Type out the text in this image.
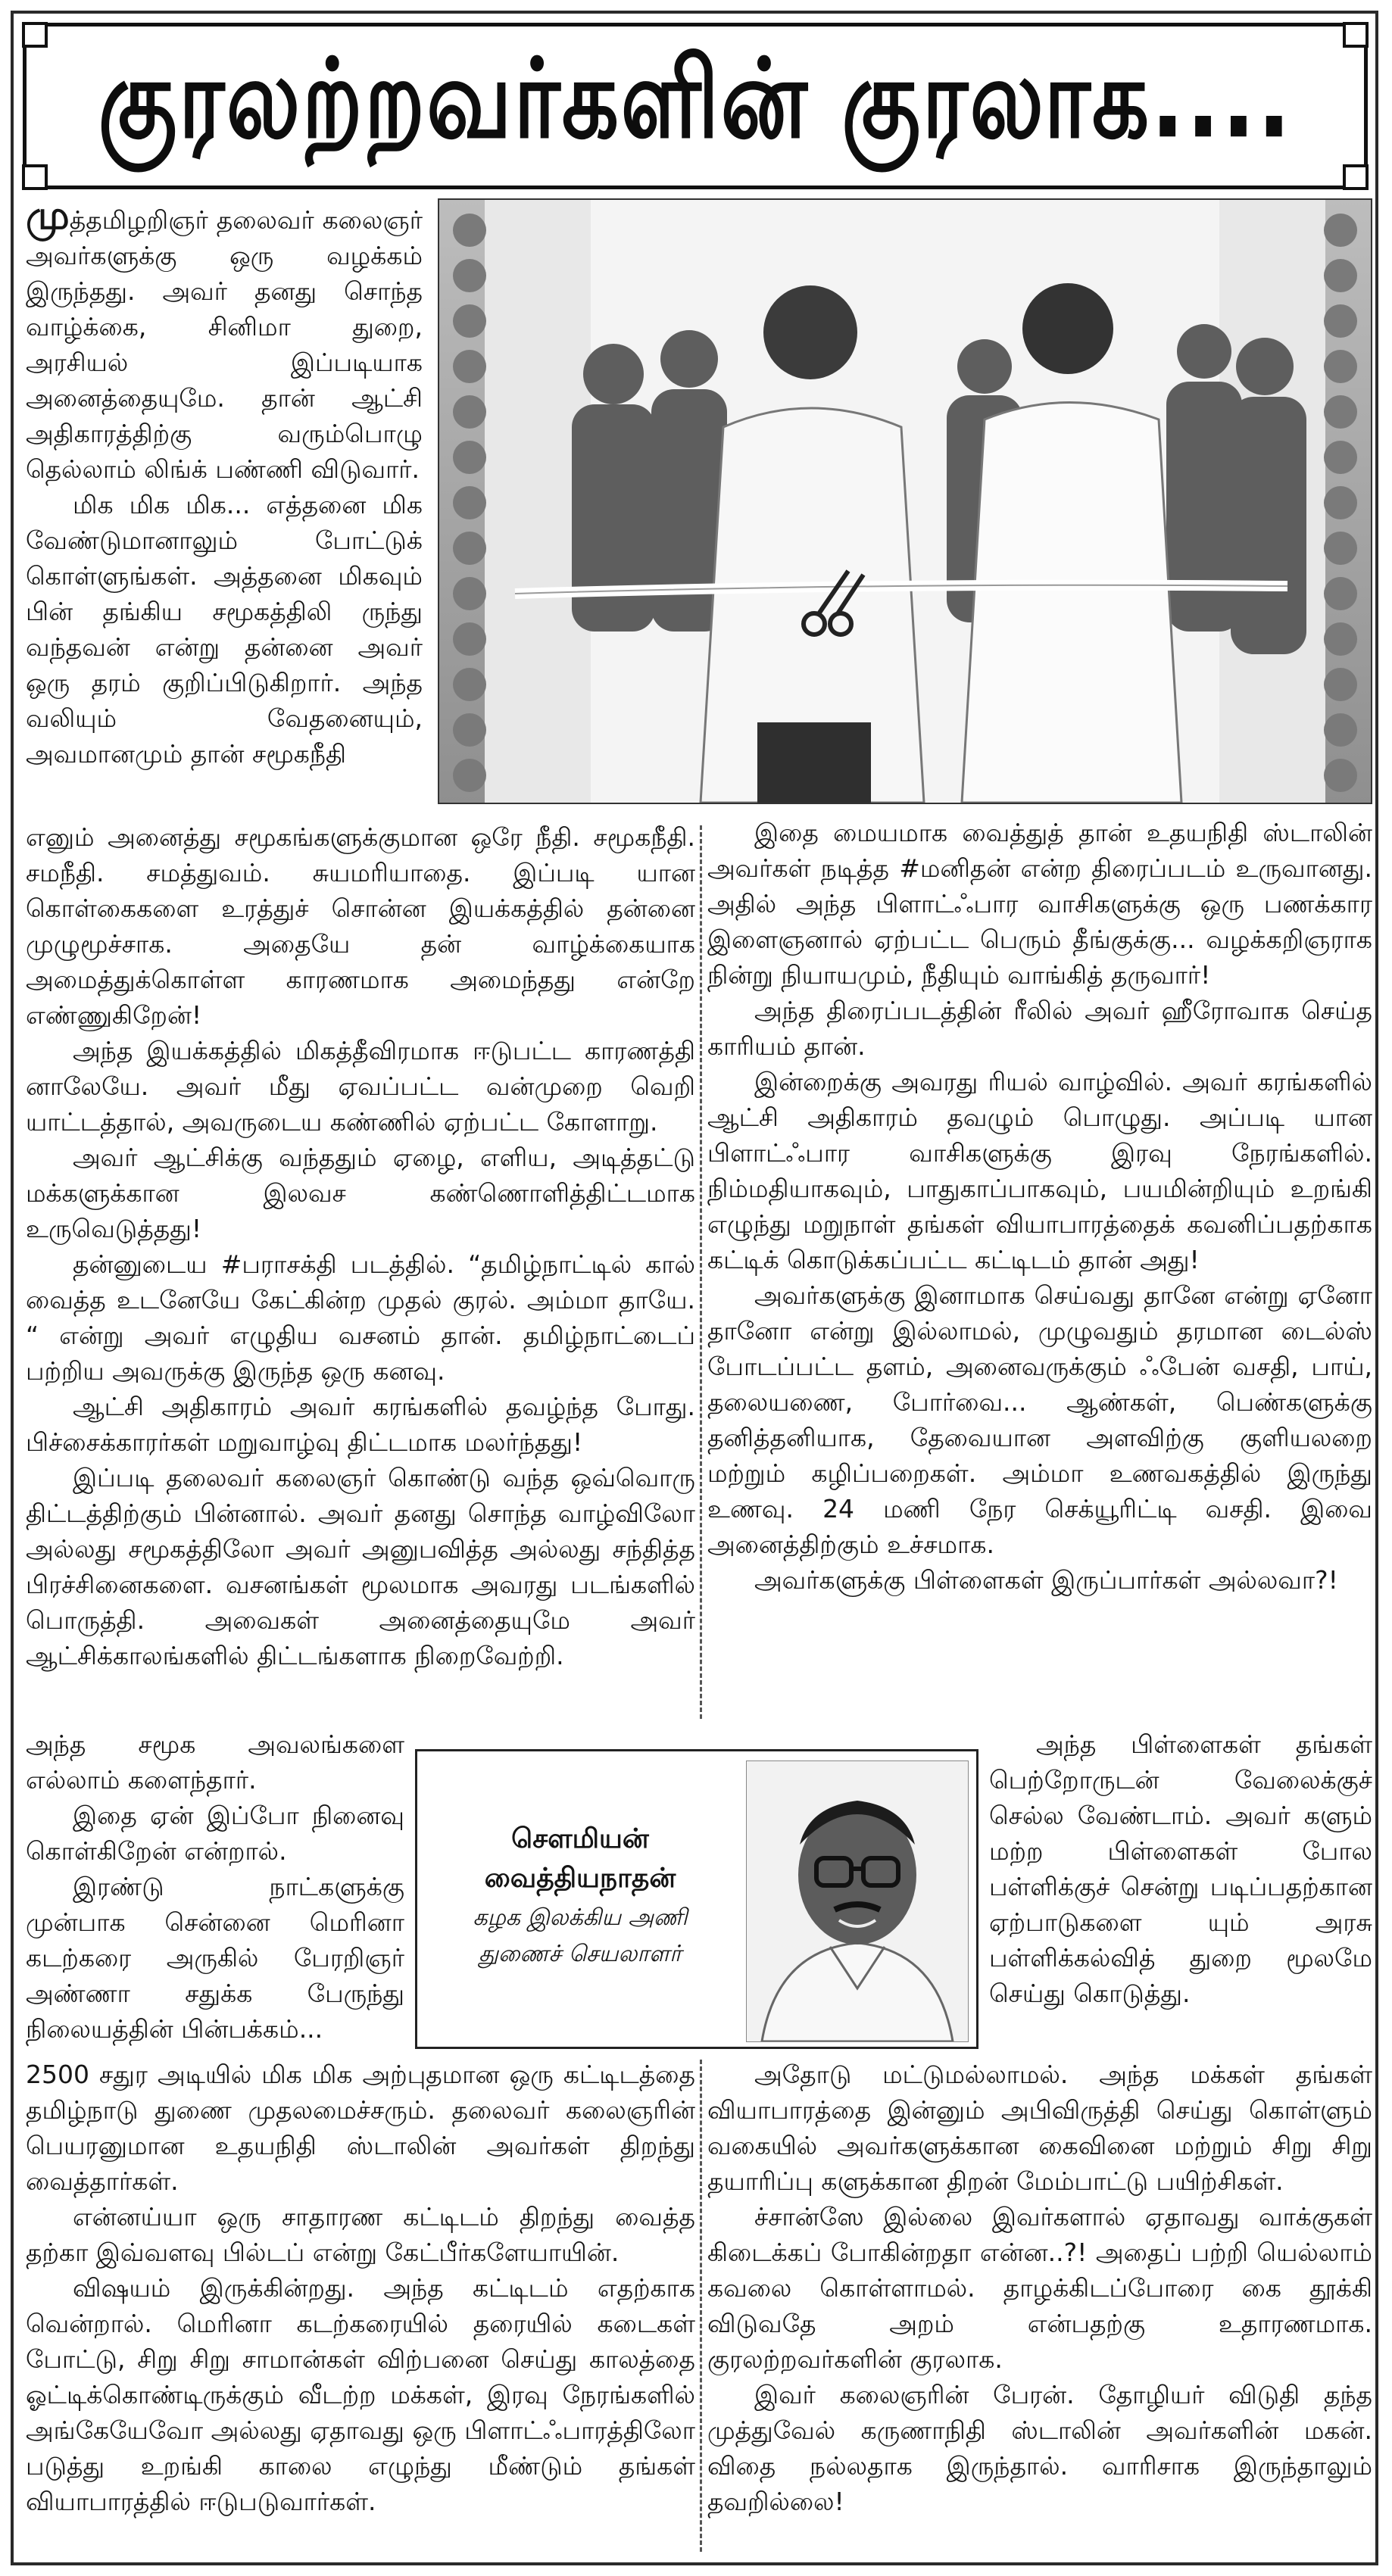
குரலற்றவர்களின் குரலாக....

முத்தமிழறிஞர் தலைவர் கலைஞர் அவர்களுக்கு ஒரு வழக்கம் இருந்தது. அவர் தனது சொந்த வாழ்க்கை, சினிமா துறை, அரசியல் இப்படியாக அனைத்தையுமே. தான் ஆட்சி அதிகாரத்திற்கு வரும்பொழு தெல்லாம் லிங்க் பண்ணி விடுவார்.

மிக மிக மிக... எத்தனை மிக வேண்டுமானாலும் போட்டுக் கொள்ளுங்கள். அத்தனை மிகவும் பின் தங்கிய சமூகத்திலி ருந்து வந்தவன் என்று தன்னை அவர் ஒரு தரம் குறிப்பிடுகிறார். அந்த வலியும் வேதனையும், அவமானமும் தான் சமூகநீதி

எனும் அனைத்து சமூகங்களுக்குமான ஒரே நீதி. சமூகநீதி. சமநீதி. சமத்துவம். சுயமரியாதை. இப்படி யான கொள்கைகளை உரத்துச் சொன்ன இயக்கத்தில் தன்னை முழுமூச்சாக. அதையே தன் வாழ்க்கையாக அமைத்துக்கொள்ள காரணமாக அமைந்தது என்றே எண்ணுகிறேன்!

அந்த இயக்கத்தில் மிகத்தீவிரமாக ஈடுபட்ட காரணத்தி னாலேயே. அவர் மீது ஏவப்பட்ட வன்முறை வெறி யாட்டத்தால், அவருடைய கண்ணில் ஏற்பட்ட கோளாறு.

அவர் ஆட்சிக்கு வந்ததும் ஏழை, எளிய, அடித்தட்டு மக்களுக்கான இலவச கண்ணொளித்திட்டமாக உருவெடுத்தது!

தன்னுடைய #பராசக்தி படத்தில். “தமிழ்நாட்டில் கால் வைத்த உடனேயே கேட்கின்ற முதல் குரல். அம்மா தாயே. “ என்று அவர் எழுதிய வசனம் தான். தமிழ்நாட்டைப் பற்றிய அவருக்கு இருந்த ஒரு கனவு.

ஆட்சி அதிகாரம் அவர் கரங்களில் தவழ்ந்த போது. பிச்சைக்காரர்கள் மறுவாழ்வு திட்டமாக மலர்ந்தது!

இப்படி தலைவர் கலைஞர் கொண்டு வந்த ஒவ்வொரு திட்டத்திற்கும் பின்னால். அவர் தனது சொந்த வாழ்விலோ அல்லது சமூகத்திலோ அவர் அனுபவித்த அல்லது சந்தித்த பிரச்சினைகளை. வசனங்கள் மூலமாக அவரது படங்களில் பொருத்தி. அவைகள் அனைத்தையுமே அவர் ஆட்சிக்காலங்களில் திட்டங்களாக நிறைவேற்றி.

அந்த சமூக அவலங்களை எல்லாம் களைந்தார்.

இதை ஏன் இப்போ நினைவு கொள்கிறேன் என்றால்.

இரண்டு நாட்களுக்கு முன்பாக சென்னை மெரினா கடற்கரை அருகில் பேரறிஞர் அண்ணா சதுக்க பேருந்து நிலையத்தின் பின்பக்கம்...

2500 சதுர அடியில் மிக மிக அற்புதமான ஒரு கட்டிடத்தை தமிழ்நாடு துணை முதலமைச்சரும். தலைவர் கலைஞரின் பெயரனுமான உதயநிதி ஸ்டாலின் அவர்கள் திறந்து வைத்தார்கள்.

என்னய்யா ஒரு சாதாரண கட்டிடம் திறந்து வைத்த தற்கா இவ்வளவு பில்டப் என்று கேட்பீர்களேயாயின்.

விஷயம் இருக்கின்றது. அந்த கட்டிடம் எதற்காக வென்றால். மெரினா கடற்கரையில் தரையில் கடைகள் போட்டு, சிறு சிறு சாமான்கள் விற்பனை செய்து காலத்தை ஓட்டிக்கொண்டிருக்கும் வீடற்ற மக்கள், இரவு நேரங்களில் அங்கேயேவோ அல்லது ஏதாவது ஒரு பிளாட்ஃபாரத்திலோ படுத்து உறங்கி காலை எழுந்து மீண்டும் தங்கள் வியாபாரத்தில் ஈடுபடுவார்கள்.

இதை மையமாக வைத்துத் தான் உதயநிதி ஸ்டாலின் அவர்கள் நடித்த #மனிதன் என்ற திரைப்படம் உருவானது. அதில் அந்த பிளாட்ஃபார வாசிகளுக்கு ஒரு பணக்கார இளைஞனால் ஏற்பட்ட பெரும் தீங்குக்கு... வழக்கறிஞராக நின்று நியாயமும், நீதியும் வாங்கித் தருவார்!

அந்த திரைப்படத்தின் ரீலில் அவர் ஹீரோவாக செய்த காரியம் தான்.

இன்றைக்கு அவரது ரியல் வாழ்வில். அவர் கரங்களில் ஆட்சி அதிகாரம் தவழும் பொழுது. அப்படி யான பிளாட்ஃபார வாசிகளுக்கு இரவு நேரங்களில். நிம்மதியாகவும், பாதுகாப்பாகவும், பயமின்றியும் உறங்கி எழுந்து மறுநாள் தங்கள் வியாபாரத்தைக் கவனிப்பதற்காக கட்டிக் கொடுக்கப்பட்ட கட்டிடம் தான் அது!

அவர்களுக்கு இனாமாக செய்வது தானே என்று ஏனோ தானோ என்று இல்லாமல், முழுவதும் தரமான டைல்ஸ் போடப்பட்ட தளம், அனைவருக்கும் ஃபேன் வசதி, பாய், தலையணை, போர்வை... ஆண்கள், பெண்களுக்கு தனித்தனியாக, தேவையான அளவிற்கு குளியலறை மற்றும் கழிப்பறைகள். அம்மா உணவகத்தில் இருந்து உணவு. 24 மணி நேர செக்யூரிட்டி வசதி. இவை அனைத்திற்கும் உச்சமாக.

அவர்களுக்கு பிள்ளைகள் இருப்பார்கள் அல்லவா?!

அந்த பிள்ளைகள் தங்கள் பெற்றோருடன் வேலைக்குச் செல்ல வேண்டாம். அவர் களும் மற்ற பிள்ளைகள் போல பள்ளிக்குச் சென்று படிப்பதற்கான ஏற்பாடுகளை யும் அரசு பள்ளிக்கல்வித் துறை மூலமே செய்து கொடுத்து.

அதோடு மட்டுமல்லாமல். அந்த மக்கள் தங்கள் வியாபாரத்தை இன்னும் அபிவிருத்தி செய்து கொள்ளும் வகையில் அவர்களுக்கான கைவினை மற்றும் சிறு சிறு தயாரிப்பு களுக்கான திறன் மேம்பாட்டு பயிற்சிகள்.

ச்சான்ஸே இல்லை இவர்களால் ஏதாவது வாக்குகள் கிடைக்கப் போகின்றதா என்ன..?! அதைப் பற்றி யெல்லாம் கவலை கொள்ளாமல். தாழக்கிடப்போரை கை தூக்கி விடுவதே அறம் என்பதற்கு உதாரணமாக. குரலற்றவர்களின் குரலாக.

இவர் கலைஞரின் பேரன். தோழியர் விடுதி தந்த முத்துவேல் கருணாநிதி ஸ்டாலின் அவர்களின் மகன். விதை நல்லதாக இருந்தால். வாரிசாக இருந்தாலும் தவறில்லை!

சௌமியன்
வைத்தியநாதன்
கழக இலக்கிய அணி
துணைச் செயலாளர்
